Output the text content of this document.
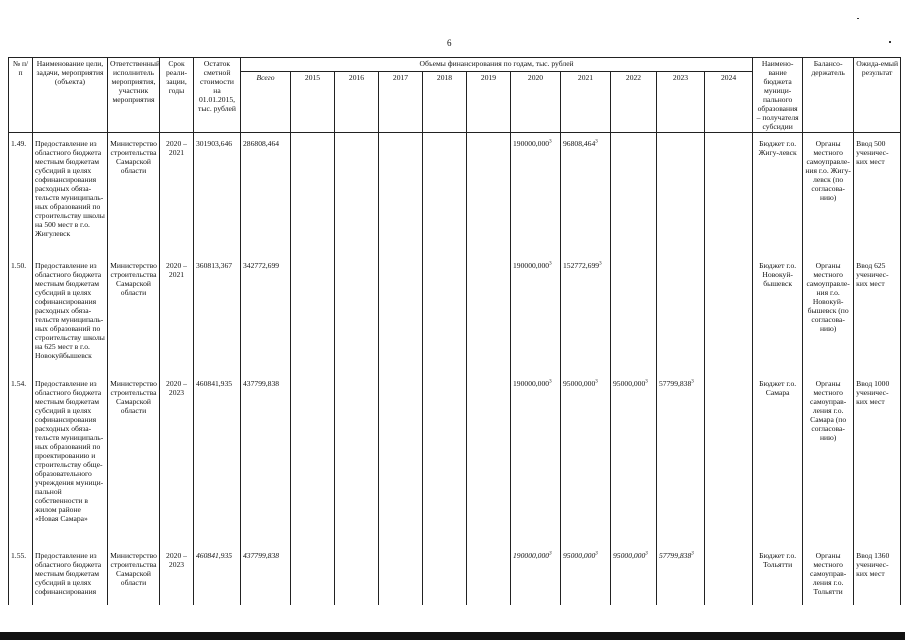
6
№ п/п	Наименование цели, задачи, мероприятия (объекта)	Ответственный исполнитель мероприятия, участник мероприятия	Срок реали-зации, годы	Остаток сметной стоимости на 01.01.2015, тыс. рублей	Объемы финансирования по годам, тыс. рублей											Наимено-вание бюджета муници-пального образования – получателя субсидии	Балансо-держатель	Ожида-емый результат
					Всего	2015	2016	2017	2018	2019	2020	2021	2022	2023	2024			
1.49.	Предоставление из областного бюджета местным бюджетам субсидий в целях софинансирования расходных обяза-тельств муниципаль-ных образований по строительству школы на 500 мест в г.о. Жигулевск	Министерство строительства Самарской области	2020 – 2021	301903,646	286808,464						190000,000$^3$	96808,464$^3$				Бюджет г.о. Жигу-левск	Органы местного самоуправле-ния г.о. Жигу-левск (по согласова-нию)	Ввод 500 ученичес-ких мест
1.50.	Предоставление из областного бюджета местным бюджетам субсидий в целях софинансирования расходных обяза-тельств муниципаль-ных образований по строительству школы на 625 мест в г.о. Новокуйбышевск	Министерство строительства Самарской области	2020 – 2021	360813,367	342772,699						190000,000$^3$	152772,699$^3$				Бюджет г.о. Новокуй-бышевск	Органы местного самоуправле-ния г.о. Новокуй-бышевск (по согласова-нию)	Ввод 625 ученичес-ких мест
1.54.	Предоставление из областного бюджета местным бюджетам субсидий в целях софинансирования расходных обяза-тельств муниципаль-ных образований по проектированию и строительству обще-образовательного учреждения муници-пальной собственности в жилом районе «Новая Самара»	Министерство строительства Самарской области	2020 – 2023	460841,935	437799,838						190000,000$^3$	95000,000$^3$	95000,000$^3$	57799,838$^3$		Бюджет г.о. Самара	Органы местного самоуправ-ления г.о. Самара (по согласова-нию)	Ввод 1000 ученичес-ких мест
1.55.	Предоставление из областного бюджета местным бюджетам субсидий в целях софинансирования	Министерство строительства Самарской области	2020 – 2023	460841,935	437799,838						190000,000$^3$	95000,000$^3$	95000,000$^3$	57799,838$^3$		Бюджет г.о. Тольятти	Органы местного самоуправ-ления г.о. Тольятти	Ввод 1360 ученичес-ких мест
